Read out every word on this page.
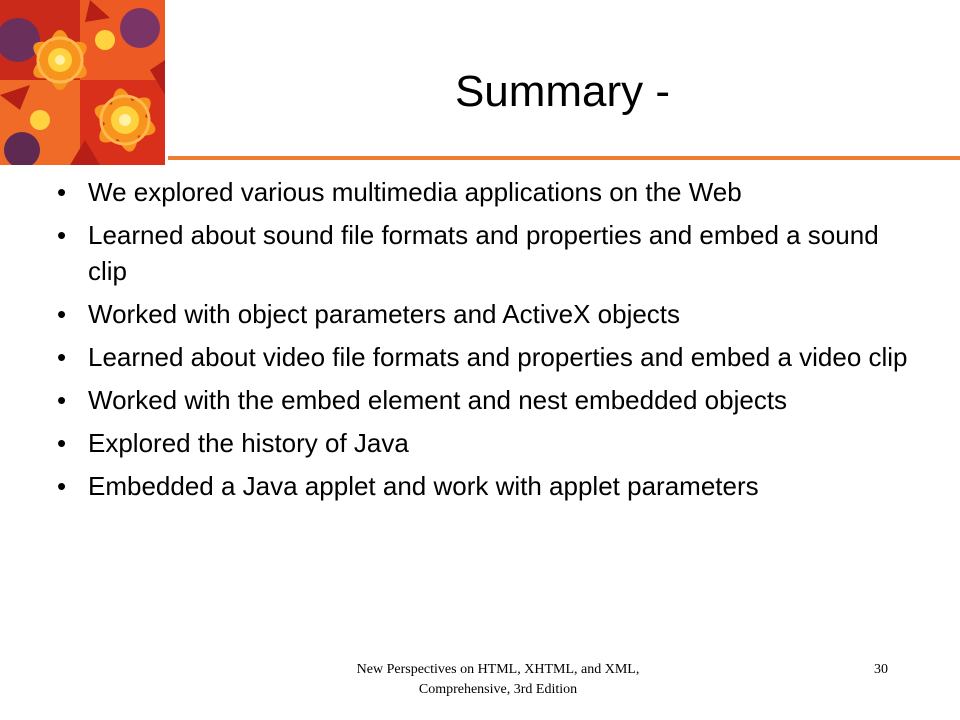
Summary -
• We explored various multimedia applications on the Web
• Learned about sound file formats and properties and embed a sound clip
• Worked with object parameters and ActiveX objects
• Learned about video file formats and properties and embed a video clip
• Worked with the embed element and nest embedded objects
• Explored the history of Java
• Embedded a Java applet and work with applet parameters
New Perspectives on HTML, XHTML, and XML,
Comprehensive, 3rd Edition
30
